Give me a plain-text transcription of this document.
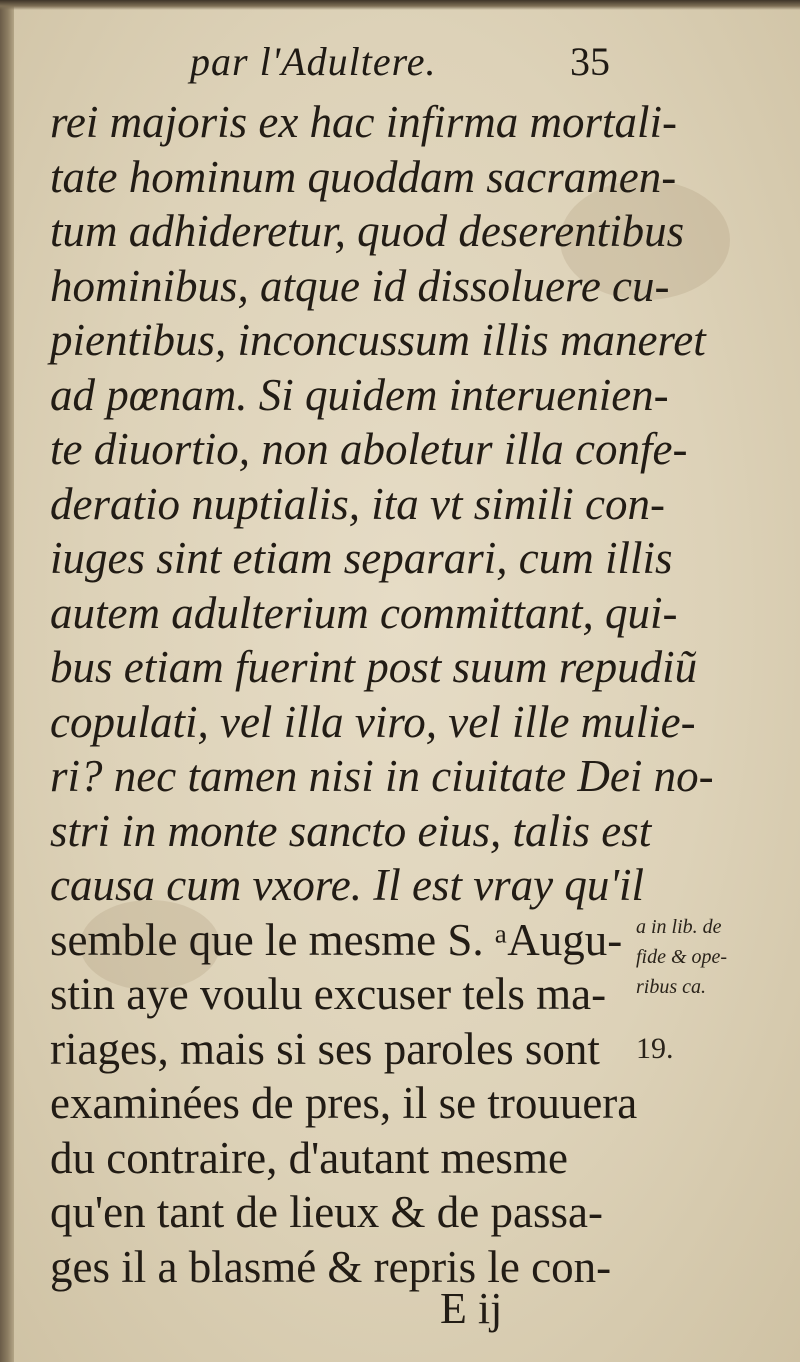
par l'Adultere.	35
rei majoris ex hac infirma mortali-
tate hominum quoddam sacramen-
tum adhideretur, quod deserentibus
hominibus, atque id dissoluere cu-
pientibus, inconcussum illis maneret
ad pœnam. Si quidem interuenien-
te diuortio, non aboletur illa confe-
deratio nuptialis, ita vt simili con-
iuges sint etiam separari, cum illis
autem adulterium committant, qui-
bus etiam fuerint post suum repudiũ
copulati, vel illa viro, vel ille mulie-
ri? nec tamen nisi in ciuitate Dei no-
stri in monte sancto eius, talis est
causa cum vxore. Il est vray qu'il
semble que le mesme S. ᵃAugu-
stin aye voulu excuser tels ma-
riages, mais si ses paroles sont
examinées de pres, il se trouuera
du contraire, d'autant mesme
qu'en tant de lieux & de passa-
ges il a blasmé & repris le con-
a in lib. de
fide & ope-
ribus ca.
19.
E ij
